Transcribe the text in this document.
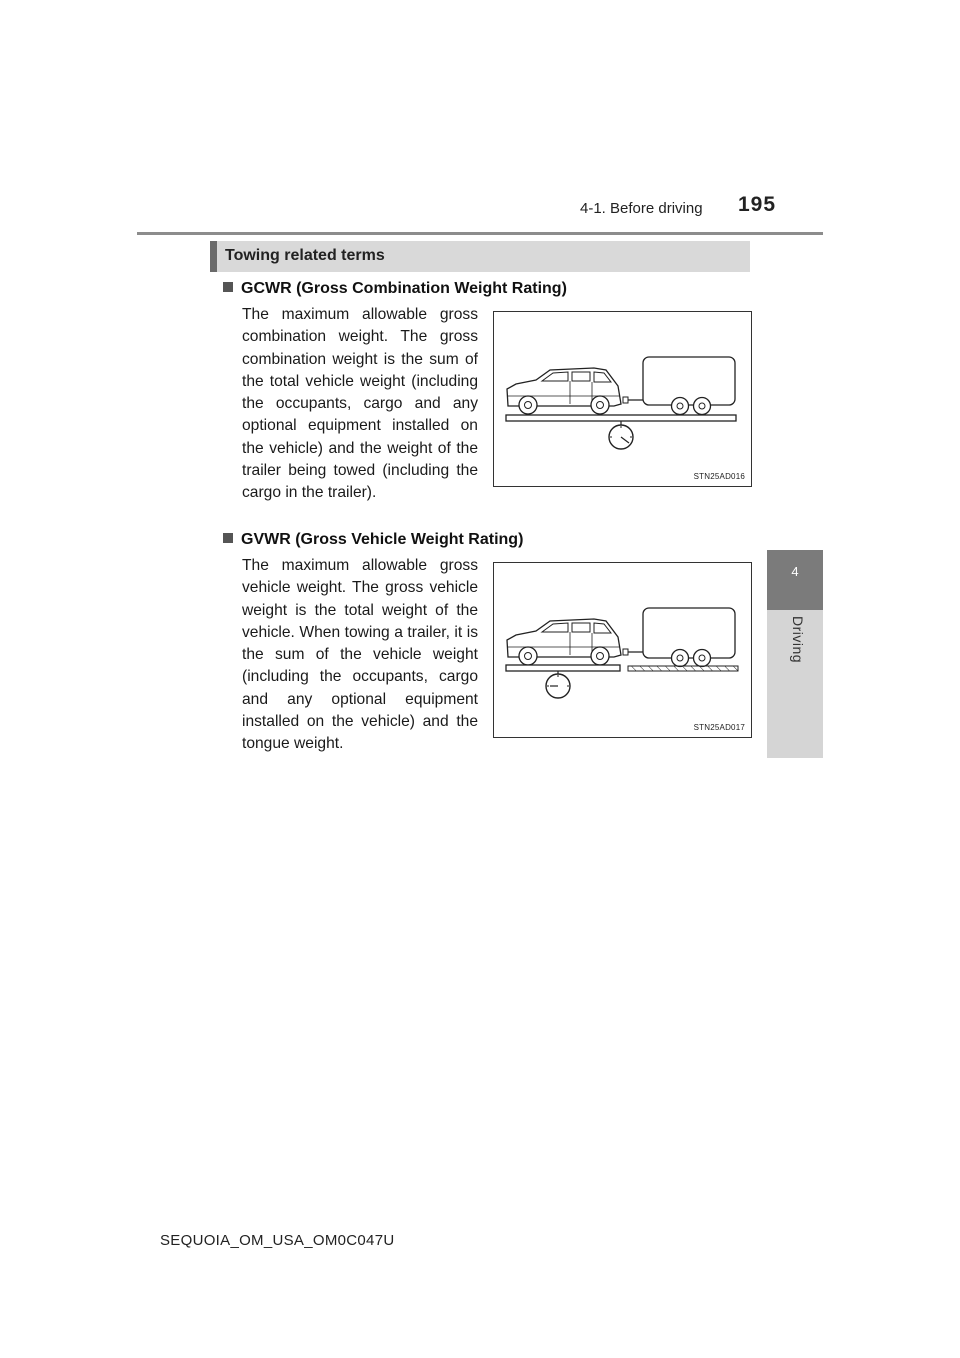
4-1. Before driving 195
4
Driving
Towing related terms
GCWR (Gross Combination Weight Rating)
The maximum allowable gross combination weight. The gross combination weight is the sum of the total vehicle weight (including the occupants, cargo and any optional equipment installed on the vehicle) and the weight of the trailer being towed (including the cargo in the trailer).
STN25AD016
GVWR (Gross Vehicle Weight Rating)
The maximum allowable gross vehicle weight. The gross vehicle weight is the total weight of the vehicle. When towing a trailer, it is the sum of the vehicle weight (including the occupants, cargo and any optional equipment installed on the vehicle) and the tongue weight.
STN25AD017
SEQUOIA_OM_USA_OM0C047U
